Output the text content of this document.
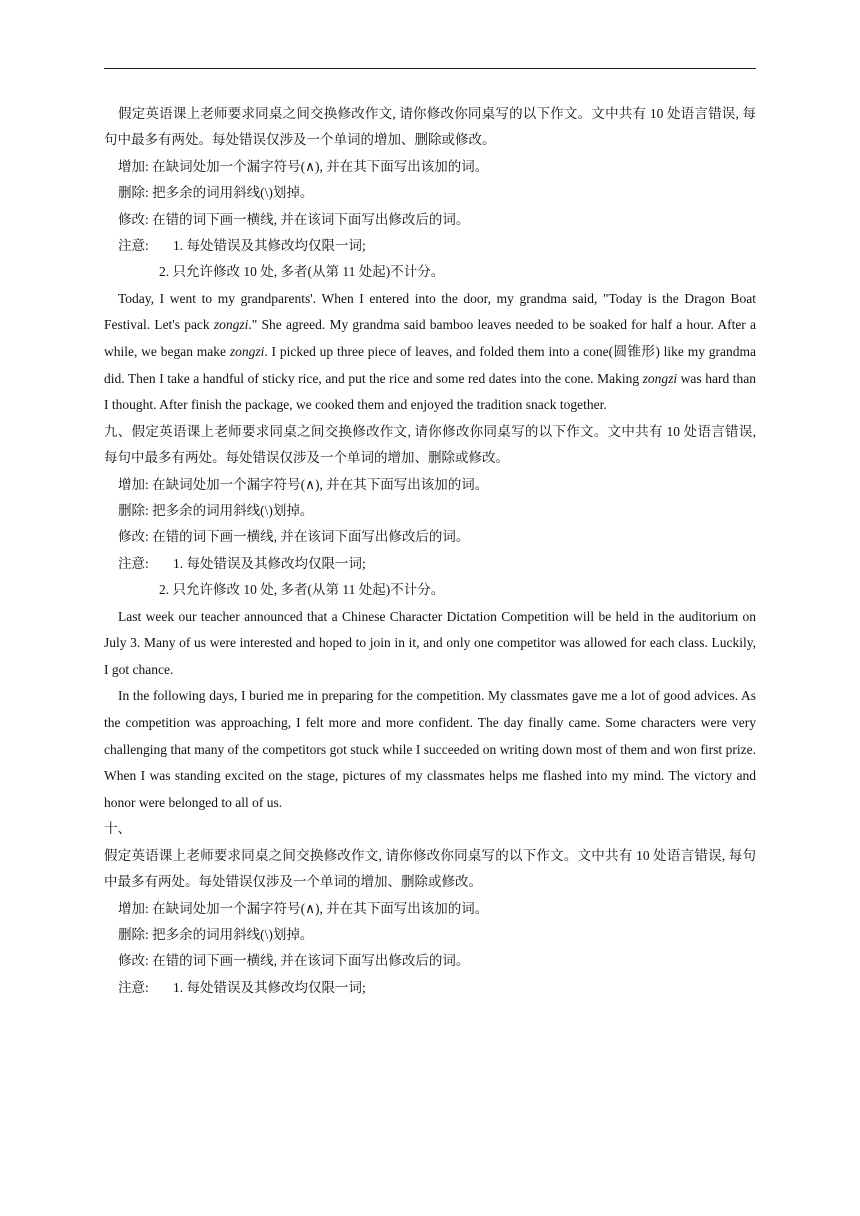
假定英语课上老师要求同桌之间交换修改作文, 请你修改你同桌写的以下作文。文中共有 10 处语言错误, 每句中最多有两处。每处错误仅涉及一个单词的增加、删除或修改。

增加: 在缺词处加一个漏字符号(∧), 并在其下面写出该加的词。

删除: 把多余的词用斜线(\)划掉。

修改: 在错的词下画一横线, 并在该词下面写出修改后的词。

注意: 1. 每处错误及其修改均仅限一词;

2. 只允许修改 10 处, 多者(从第 11 处起)不计分。

Today, I went to my grandparents'. When I entered into the door, my grandma said, "Today is the Dragon Boat Festival. Let's pack zongzi." She agreed. My grandma said bamboo leaves needed to be soaked for half a hour. After a while, we began make zongzi. I picked up three piece of leaves, and folded them into a cone(圆锥形) like my grandma did. Then I take a handful of sticky rice, and put the rice and some red dates into the cone. Making zongzi was hard than I thought. After finish the package, we cooked them and enjoyed the tradition snack together.

九、假定英语课上老师要求同桌之间交换修改作文, 请你修改你同桌写的以下作文。文中共有 10 处语言错误, 每句中最多有两处。每处错误仅涉及一个单词的增加、删除或修改。

增加: 在缺词处加一个漏字符号(∧), 并在其下面写出该加的词。

删除: 把多余的词用斜线(\)划掉。

修改: 在错的词下画一横线, 并在该词下面写出修改后的词。

注意: 1. 每处错误及其修改均仅限一词;

2. 只允许修改 10 处, 多者(从第 11 处起)不计分。

Last week our teacher announced that a Chinese Character Dictation Competition will be held in the auditorium on July 3. Many of us were interested and hoped to join in it, and only one competitor was allowed for each class. Luckily, I got chance.

In the following days, I buried me in preparing for the competition. My classmates gave me a lot of good advices. As the competition was approaching, I felt more and more confident. The day finally came. Some characters were very challenging that many of the competitors got stuck while I succeeded on writing down most of them and won first prize. When I was standing excited on the stage, pictures of my classmates helps me flashed into my mind. The victory and honor were belonged to all of us.

十、

假定英语课上老师要求同桌之间交换修改作文, 请你修改你同桌写的以下作文。文中共有 10 处语言错误, 每句中最多有两处。每处错误仅涉及一个单词的增加、删除或修改。

增加: 在缺词处加一个漏字符号(∧), 并在其下面写出该加的词。

删除: 把多余的词用斜线(\)划掉。

修改: 在错的词下画一横线, 并在该词下面写出修改后的词。

注意: 1. 每处错误及其修改均仅限一词;
